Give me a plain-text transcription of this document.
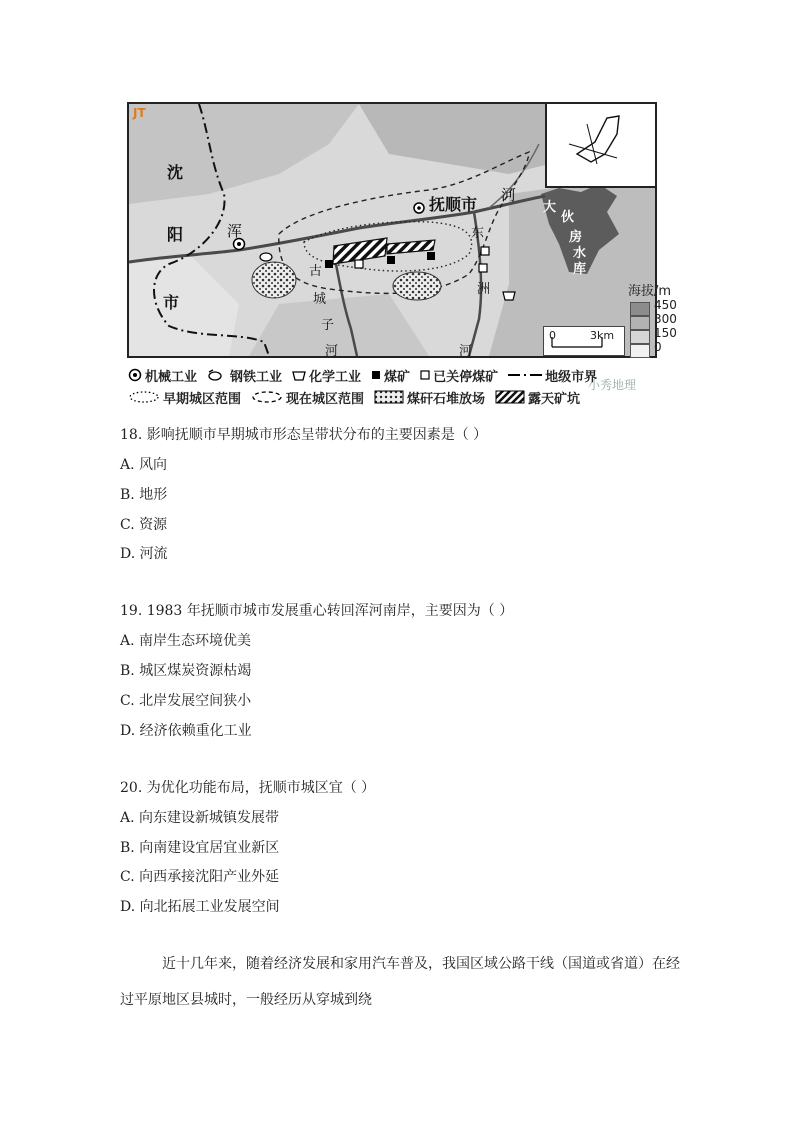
JT
沈
阳
市
抚顺市
浑
河
古
城
子
河
东
洲
河
大
伙
房
水
库
0	3km
海拔/m
450
300
150
0
机械工业	钢铁工业 化学工业 煤矿 已关停煤矿	地级市界
早期城区范围	现在城区范围	煤矸石堆放场	露天矿坑
小秀地理
18. 影响抚顺市早期城市形态呈带状分布的主要因素是（ ）
A. 风向
B. 地形
C. 资源
D. 河流
19. 1983 年抚顺市城市发展重心转回浑河南岸，主要因为（ ）
A. 南岸生态环境优美
B. 城区煤炭资源枯竭
C. 北岸发展空间狭小
D. 经济依赖重化工业
20. 为优化功能布局，抚顺市城区宜（ ）
A. 向东建设新城镇发展带
B. 向南建设宜居宜业新区
C. 向西承接沈阳产业外延
D. 向北拓展工业发展空间
近十几年来，随着经济发展和家用汽车普及，我国区域公路干线（国道或省道）在经
过平原地区县城时，一般经历从穿城到绕
